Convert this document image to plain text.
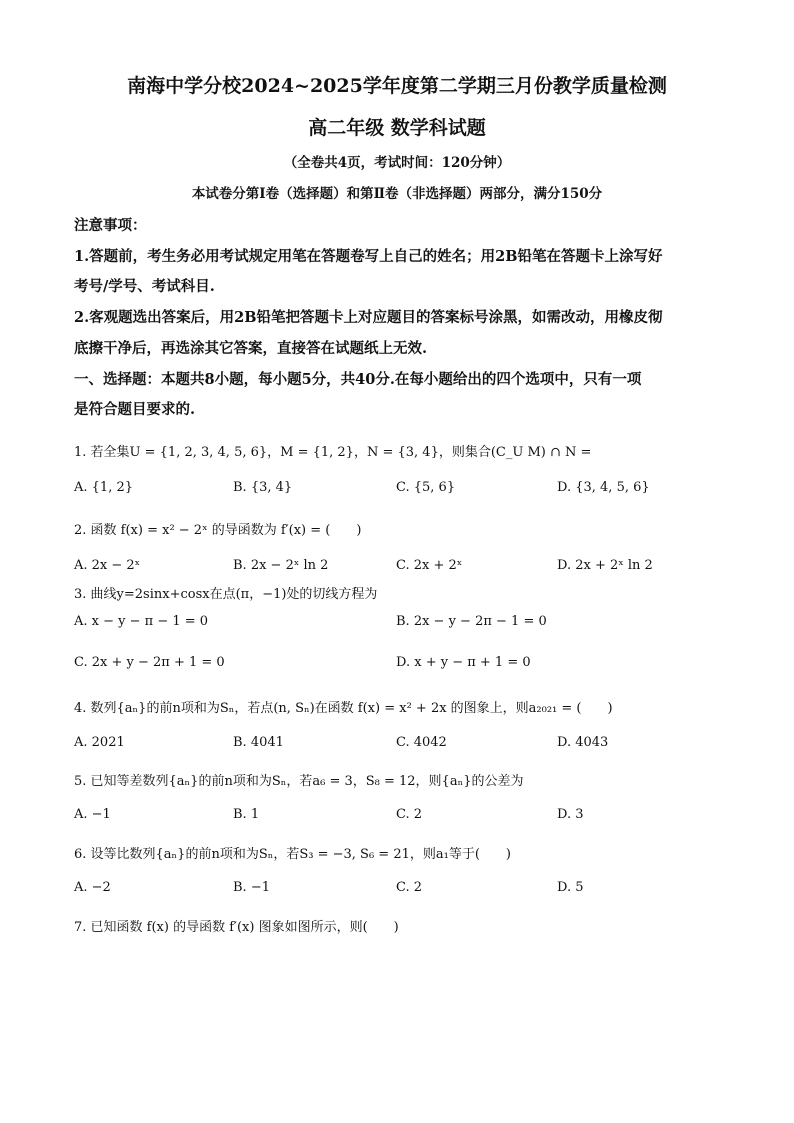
南海中学分校2024~2025学年度第二学期三月份教学质量检测
高二年级 数学科试题
（全卷共4页，考试时间：120分钟）
本试卷分第Ⅰ卷（选择题）和第Ⅱ卷（非选择题）两部分，满分150分
注意事项：
1.答题前，考生务必用考试规定用笔在答题卷写上自己的姓名；用2B铅笔在答题卡上涂写好
考号/学号、考试科目.
2.客观题选出答案后，用2B铅笔把答题卡上对应题目的答案标号涂黑，如需改动，用橡皮彻
底擦干净后，再选涂其它答案，直接答在试题纸上无效.
一、选择题：本题共8小题，每小题5分，共40分.在每小题给出的四个选项中，只有一项
是符合题目要求的.
1. 若全集U = {1, 2, 3, 4, 5, 6}，M = {1, 2}，N = {3, 4}，则集合(C_U M) ∩ N =
A. {1, 2}	B. {3, 4}	C. {5, 6}	D. {3, 4, 5, 6}
2. 函数 f(x) = x² − 2ˣ 的导函数为 f′(x) = (　　)
A. 2x − 2ˣ	B. 2x − 2ˣ ln 2	C. 2x + 2ˣ	D. 2x + 2ˣ ln 2
3. 曲线y=2sinx+cosx在点(π，−1)处的切线方程为
A. x − y − π − 1 = 0	B. 2x − y − 2π − 1 = 0
C. 2x + y − 2π + 1 = 0	D. x + y − π + 1 = 0
4. 数列{aₙ}的前n项和为Sₙ，若点(n, Sₙ)在函数 f(x) = x² + 2x 的图象上，则a₂₀₂₁ = (　　)
A. 2021	B. 4041	C. 4042	D. 4043
5. 已知等差数列{aₙ}的前n项和为Sₙ，若a₆ = 3，S₈ = 12，则{aₙ}的公差为
A. −1	B. 1	C. 2	D. 3
6. 设等比数列{aₙ}的前n项和为Sₙ，若S₃ = −3, S₆ = 21，则a₁等于(　　)
A. −2	B. −1	C. 2	D. 5
7. 已知函数 f(x) 的导函数 f′(x) 图象如图所示，则(　　)
